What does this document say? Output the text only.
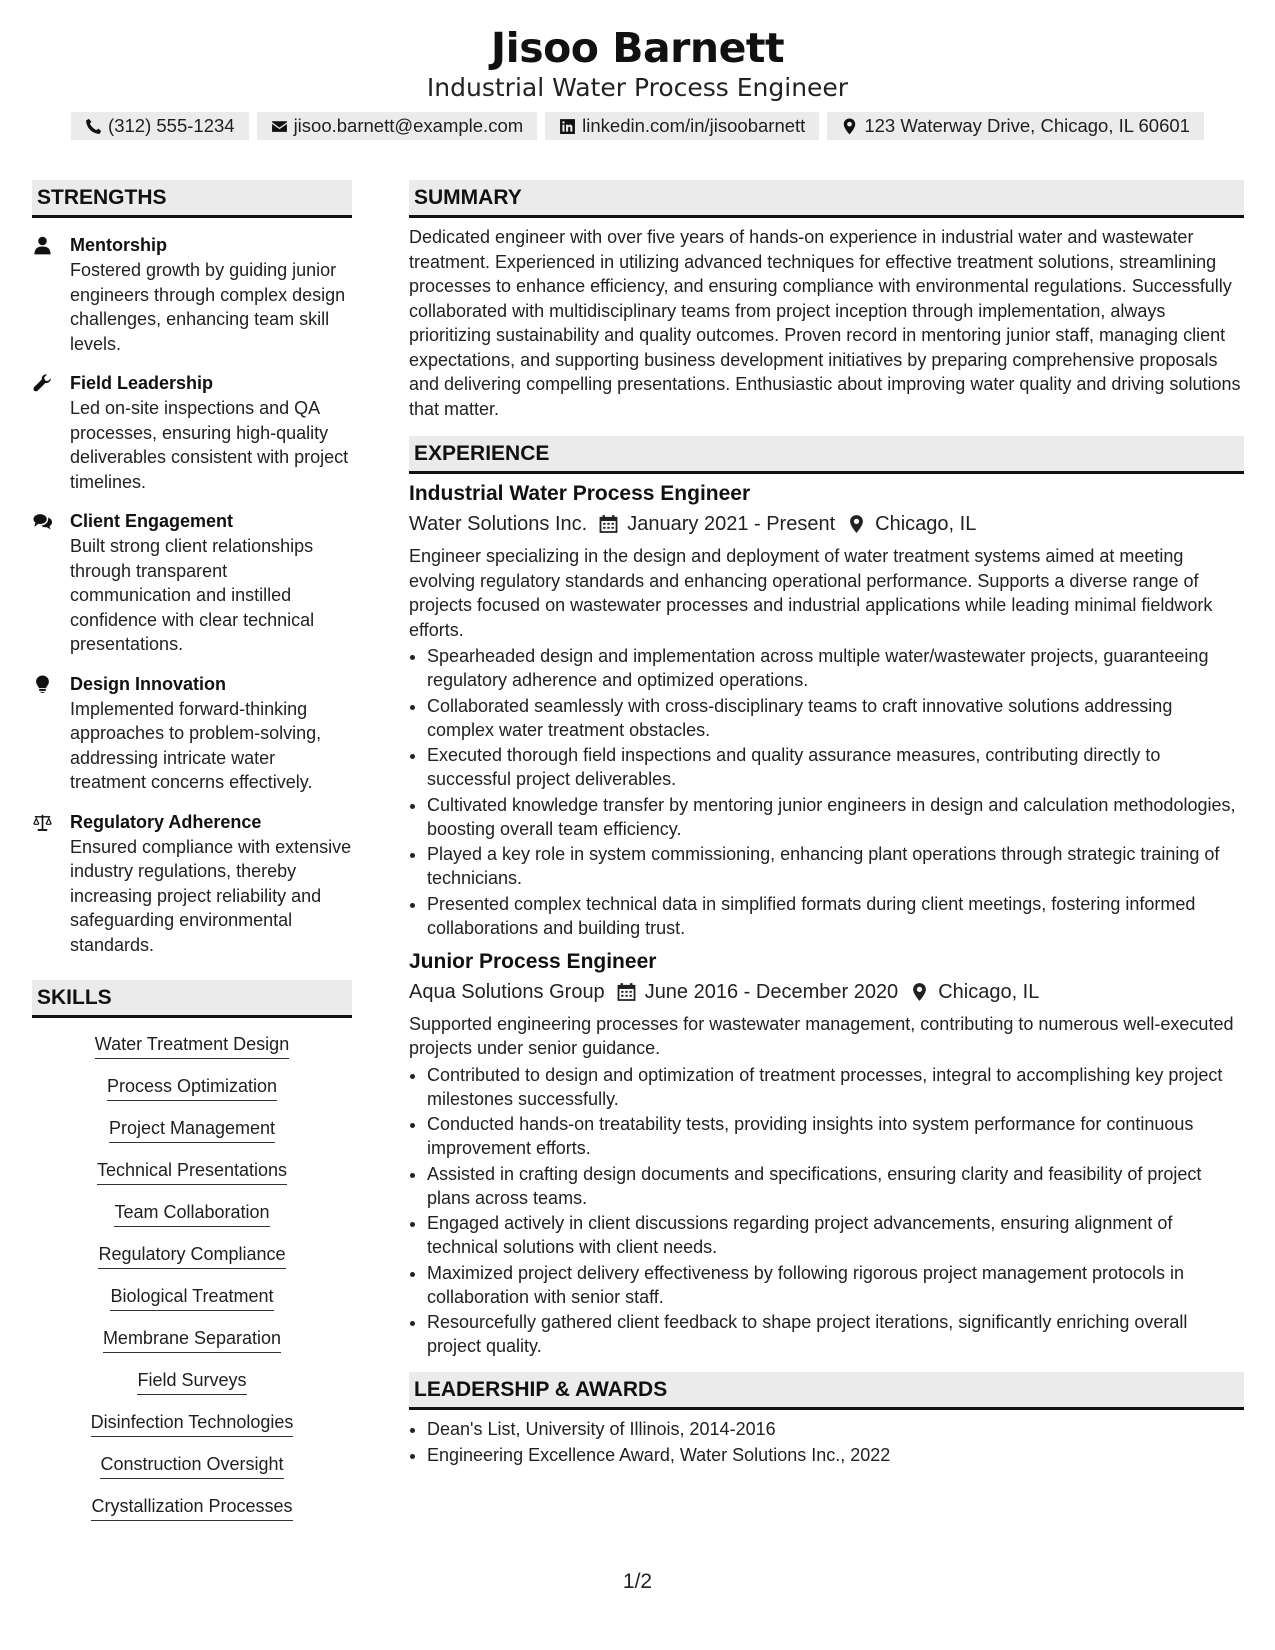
Jisoo Barnett
Industrial Water Process Engineer
(312) 555-1234	jisoo.barnett@example.com	linkedin.com/in/jisoobarnett	123 Waterway Drive, Chicago, IL 60601
STRENGTHS
Mentorship
Fostered growth by guiding junior engineers through complex design challenges, enhancing team skill levels.
Field Leadership
Led on-site inspections and QA processes, ensuring high-quality deliverables consistent with project timelines.
Client Engagement
Built strong client relationships through transparent communication and instilled confidence with clear technical presentations.
Design Innovation
Implemented forward-thinking approaches to problem-solving, addressing intricate water treatment concerns effectively.
Regulatory Adherence
Ensured compliance with extensive industry regulations, thereby increasing project reliability and safeguarding environmental standards.
SKILLS
Water Treatment Design
Process Optimization
Project Management
Technical Presentations
Team Collaboration
Regulatory Compliance
Biological Treatment
Membrane Separation
Field Surveys
Disinfection Technologies
Construction Oversight
Crystallization Processes
SUMMARY
Dedicated engineer with over five years of hands-on experience in industrial water and wastewater treatment. Experienced in utilizing advanced techniques for effective treatment solutions, streamlining processes to enhance efficiency, and ensuring compliance with environmental regulations. Successfully collaborated with multidisciplinary teams from project inception through implementation, always prioritizing sustainability and quality outcomes. Proven record in mentoring junior staff, managing client expectations, and supporting business development initiatives by preparing comprehensive proposals and delivering compelling presentations. Enthusiastic about improving water quality and driving solutions that matter.
EXPERIENCE
Industrial Water Process Engineer
Water Solutions Inc. January 2021 - Present Chicago, IL
Engineer specializing in the design and deployment of water treatment systems aimed at meeting evolving regulatory standards and enhancing operational performance. Supports a diverse range of projects focused on wastewater processes and industrial applications while leading minimal fieldwork efforts.
• Spearheaded design and implementation across multiple water/wastewater projects, guaranteeing regulatory adherence and optimized operations.
• Collaborated seamlessly with cross-disciplinary teams to craft innovative solutions addressing complex water treatment obstacles.
• Executed thorough field inspections and quality assurance measures, contributing directly to successful project deliverables.
• Cultivated knowledge transfer by mentoring junior engineers in design and calculation methodologies, boosting overall team efficiency.
• Played a key role in system commissioning, enhancing plant operations through strategic training of technicians.
• Presented complex technical data in simplified formats during client meetings, fostering informed collaborations and building trust.
Junior Process Engineer
Aqua Solutions Group June 2016 - December 2020 Chicago, IL
Supported engineering processes for wastewater management, contributing to numerous well-executed projects under senior guidance.
• Contributed to design and optimization of treatment processes, integral to accomplishing key project milestones successfully.
• Conducted hands-on treatability tests, providing insights into system performance for continuous improvement efforts.
• Assisted in crafting design documents and specifications, ensuring clarity and feasibility of project plans across teams.
• Engaged actively in client discussions regarding project advancements, ensuring alignment of technical solutions with client needs.
• Maximized project delivery effectiveness by following rigorous project management protocols in collaboration with senior staff.
• Resourcefully gathered client feedback to shape project iterations, significantly enriching overall project quality.
LEADERSHIP & AWARDS
• Dean's List, University of Illinois, 2014-2016
• Engineering Excellence Award, Water Solutions Inc., 2022
1/2
